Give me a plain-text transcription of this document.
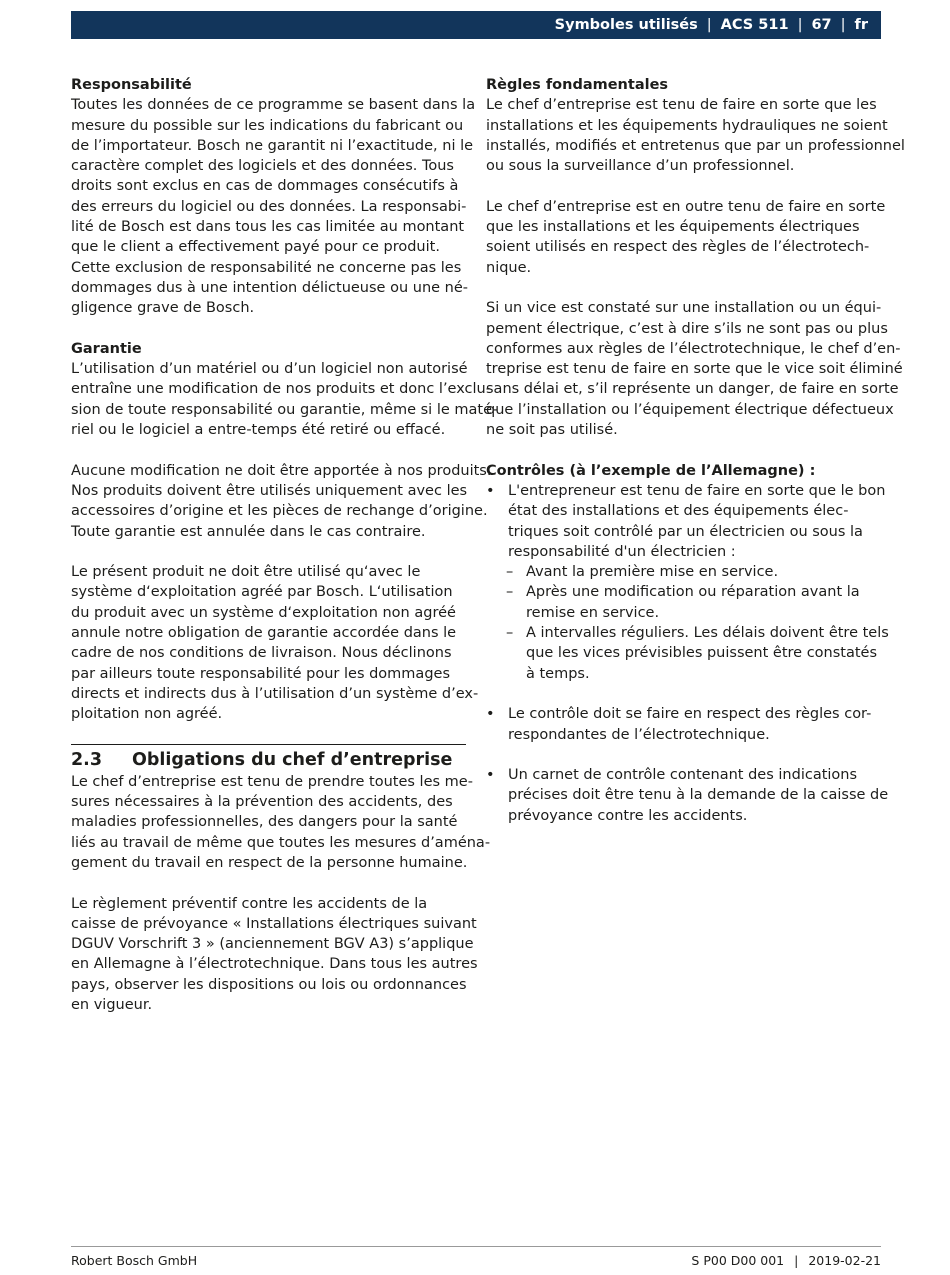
Symboles utilisés | ACS 511 | 67 | fr
Responsabilité
Toutes les données de ce programme se basent dans la
mesure du possible sur les indications du fabricant ou
de l’importateur. Bosch ne garantit ni l’exactitude, ni le
caractère complet des logiciels et des données. Tous
droits sont exclus en cas de dommages consécutifs à
des erreurs du logiciel ou des données. La responsabi-
lité de Bosch est dans tous les cas limitée au montant
que le client a effectivement payé pour ce produit.
Cette exclusion de responsabilité ne concerne pas les
dommages dus à une intention délictueuse ou une né-
gligence grave de Bosch.
Garantie
L’utilisation d’un matériel ou d’un logiciel non autorisé
entraîne une modification de nos produits et donc l’exclu-
sion de toute responsabilité ou garantie, même si le maté-
riel ou le logiciel a entre-temps été retiré ou effacé.
Aucune modification ne doit être apportée à nos produits.
Nos produits doivent être utilisés uniquement avec les
accessoires d’origine et les pièces de rechange d’origine.
Toute garantie est annulée dans le cas contraire.
Le présent produit ne doit être utilisé qu‘avec le
système d‘exploitation agréé par Bosch. L‘utilisation
du produit avec un système d‘exploitation non agréé
annule notre obligation de garantie accordée dans le
cadre de nos conditions de livraison. Nous déclinons
par ailleurs toute responsabilité pour les dommages
directs et indirects dus à l’utilisation d’un système d’ex-
ploitation non agréé.
2.3 Obligations du chef d’entreprise
Le chef d’entreprise est tenu de prendre toutes les me-
sures nécessaires à la prévention des accidents, des
maladies professionnelles, des dangers pour la santé
liés au travail de même que toutes les mesures d’aména-
gement du travail en respect de la personne humaine.
Le règlement préventif contre les accidents de la
caisse de prévoyance « Installations électriques suivant
DGUV Vorschrift 3 » (anciennement BGV A3) s’applique
en Allemagne à l’électrotechnique. Dans tous les autres
pays, observer les dispositions ou lois ou ordonnances
en vigueur.
Règles fondamentales
Le chef d’entreprise est tenu de faire en sorte que les
installations et les équipements hydrauliques ne soient
installés, modifiés et entretenus que par un professionnel
ou sous la surveillance d’un professionnel.
Le chef d’entreprise est en outre tenu de faire en sorte
que les installations et les équipements électriques
soient utilisés en respect des règles de l’électrotech-
nique.
Si un vice est constaté sur une installation ou un équi-
pement électrique, c’est à dire s’ils ne sont pas ou plus
conformes aux règles de l’électrotechnique, le chef d’en-
treprise est tenu de faire en sorte que le vice soit éliminé
sans délai et, s’il représente un danger, de faire en sorte
que l’installation ou l’équipement électrique défectueux
ne soit pas utilisé.
Contrôles (à l’exemple de l’Allemagne) :
• L'entrepreneur est tenu de faire en sorte que le bon
état des installations et des équipements élec-
triques soit contrôlé par un électricien ou sous la
responsabilité d'un électricien :
– Avant la première mise en service.
– Après une modification ou réparation avant la
remise en service.
– A intervalles réguliers. Les délais doivent être tels
que les vices prévisibles puissent être constatés
à temps.
• Le contrôle doit se faire en respect des règles cor-
respondantes de l’électrotechnique.
• Un carnet de contrôle contenant des indications
précises doit être tenu à la demande de la caisse de
prévoyance contre les accidents.
Robert Bosch GmbH	S P00 D00 001 | 2019-02-21
